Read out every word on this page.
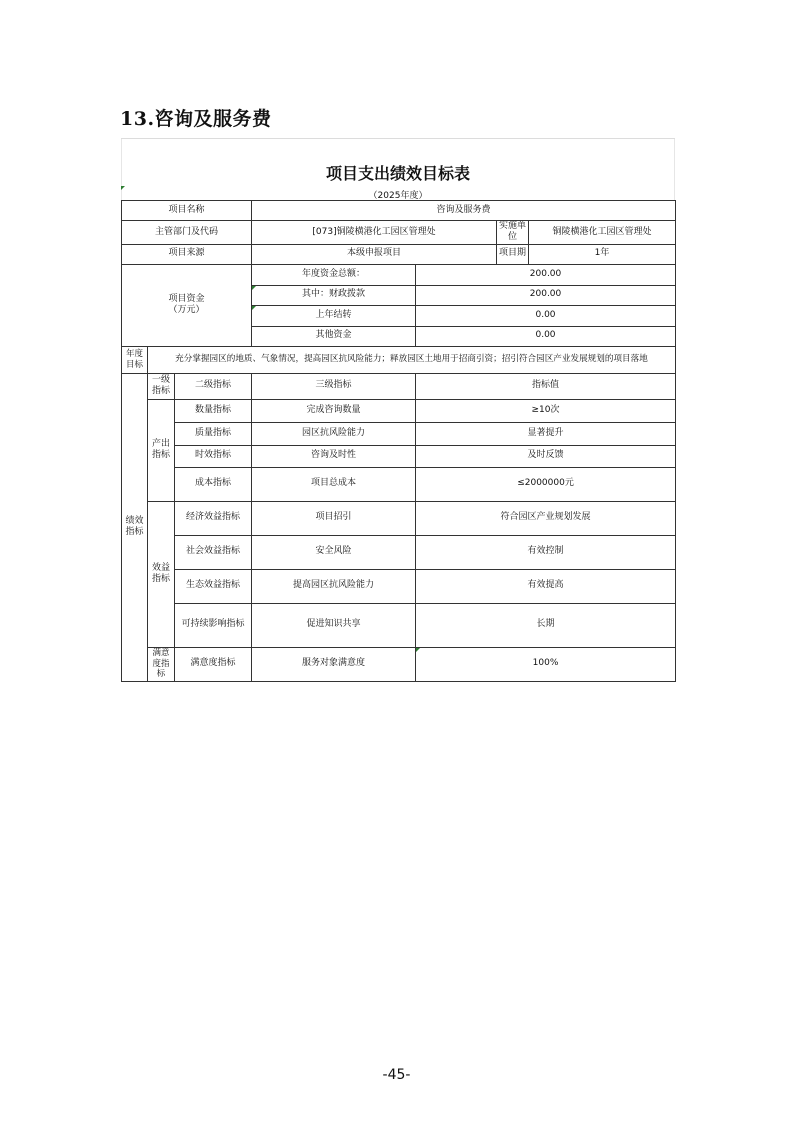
13.咨询及服务费
项目支出绩效目标表
（2025年度）
项目名称			咨询及服务费			
主管部门及代码			[073]铜陵横港化工园区管理处		实施单位	铜陵横港化工园区管理处
项目来源			本级申报项目		项目期	1年

项目资金
（万元）			年度资金总额：	200.00		

其中：财政拨款	200.00		

上年结转	0.00		
			其他资金	0.00		
年度目标	充分掌握园区的地质、气象情况，提高园区抗风险能力；释放园区土地用于招商引资；招引符合园区产业发展规划的项目落地					
绩效指标	一级指标	二级指标	三级指标	指标值		
	产出指标	数量指标	完成咨询数量	≥10次		
		质量指标	园区抗风险能力	显著提升		
		时效指标	咨询及时性	及时反馈		
		成本指标	项目总成本	≤2000000元		
	效益指标	经济效益指标	项目招引	符合园区产业规划发展		
		社会效益指标	安全风险	有效控制		
		生态效益指标	提高园区抗风险能力	有效提高		
		可持续影响指标	促进知识共享	长期		
	满意度指标	满意度指标	服务对象满意度	100%		
-45-
